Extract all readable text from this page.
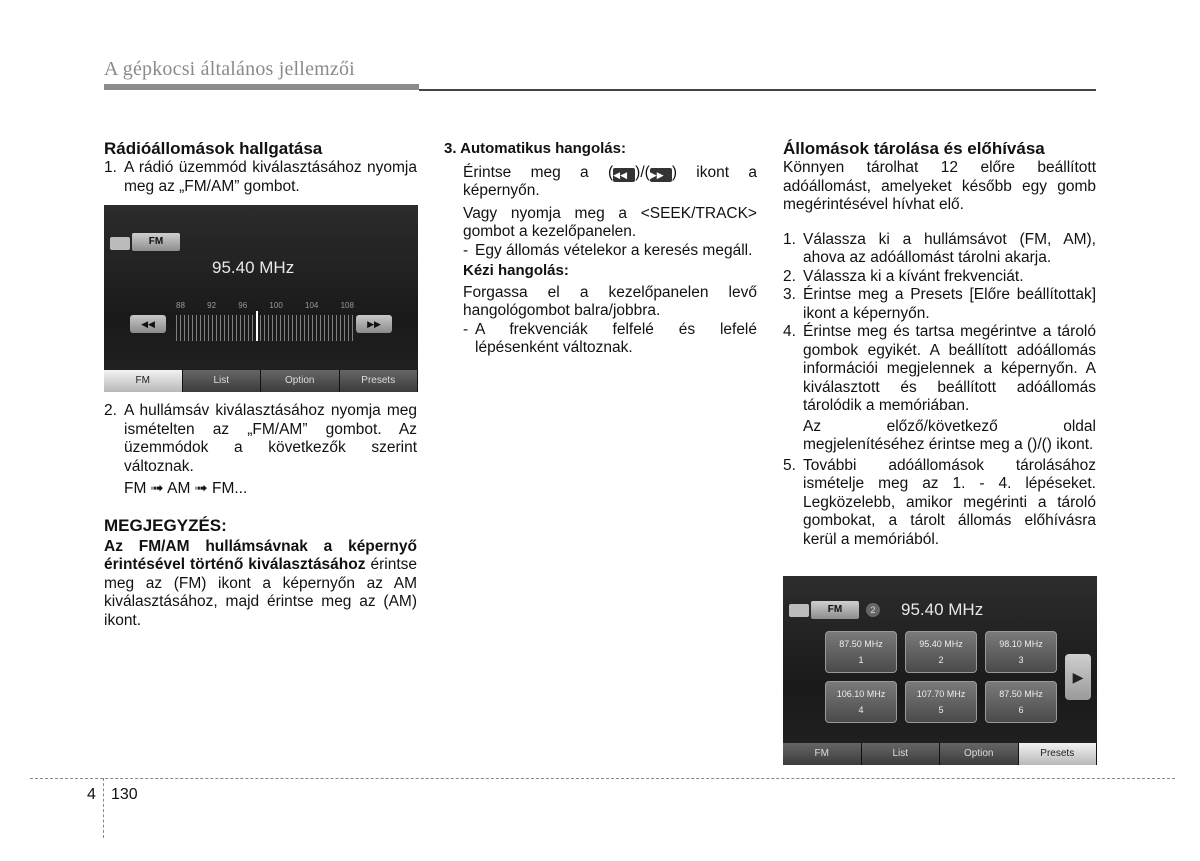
A gépkocsi általános jellemzői

Rádióállomások hallgatása

1. A rádió üzemmód kiválasztásához nyomja meg az „FM/AM” gombot.
FM
95.40 MHz
88	92	96	100	104	108
◀◀	▶▶
FM	List	Option	Presets
2. A hullámsáv kiválasztásához nyomja meg ismételten az „FM/AM” gombot. Az üzemmódok a következők szerint változnak.

FM ➟ AM ➟ FM...

MEGJEGYZÉS:

Az FM/AM hullámsávnak a képernyő érintésével történő kiválasztásához érintse meg az (FM) ikont a képernyőn az AM kiválasztásához, majd érintse meg az (AM) ikont.

3. Automatikus hangolás:

Érintse meg a (◀◀ )/(▶▶ ) ikont a képernyőn.

Vagy nyomja meg a <SEEK/TRACK> gombot a kezelőpanelen.

- Egy állomás vételekor a keresés megáll.

Kézi hangolás:

Forgassa el a kezelőpanelen levő hangológombot balra/jobbra.

- A frekvenciák felfelé és lefelé lépésenként változnak.

Állomások tárolása és előhívása

Könnyen tárolhat 12 előre beállított adóállomást, amelyeket később egy gomb megérintésével hívhat elő.

1. Válassza ki a hullámsávot (FM, AM), ahova az adóállomást tárolni akarja.
2. Válassza ki a kívánt frekvenciát.
3. Érintse meg a Presets [Előre beállítottak] ikont a képernyőn.
4. Érintse meg és tartsa megérintve a tároló gombok egyikét. A beállított adóállomás információi megjelennek a képernyőn. A kiválasztott és beállított adóállomás tárolódik a memóriában.

Az előző/következő oldal megjelenítéséhez érintse meg a ()/() ikont.

5. További adóállomások tárolásához ismételje meg az 1. - 4. lépéseket. Legközelebb, amikor megérinti a tároló gombokat, a tárolt állomás előhívásra kerül a memóriából.
FM	2 95.40 MHz
87.50 MHz
1
95.40 MHz
2
98.10 MHz
3
106.10 MHz
4
107.70 MHz
5
87.50 MHz
6
▶
FM	List	Option	Presets
4 130
